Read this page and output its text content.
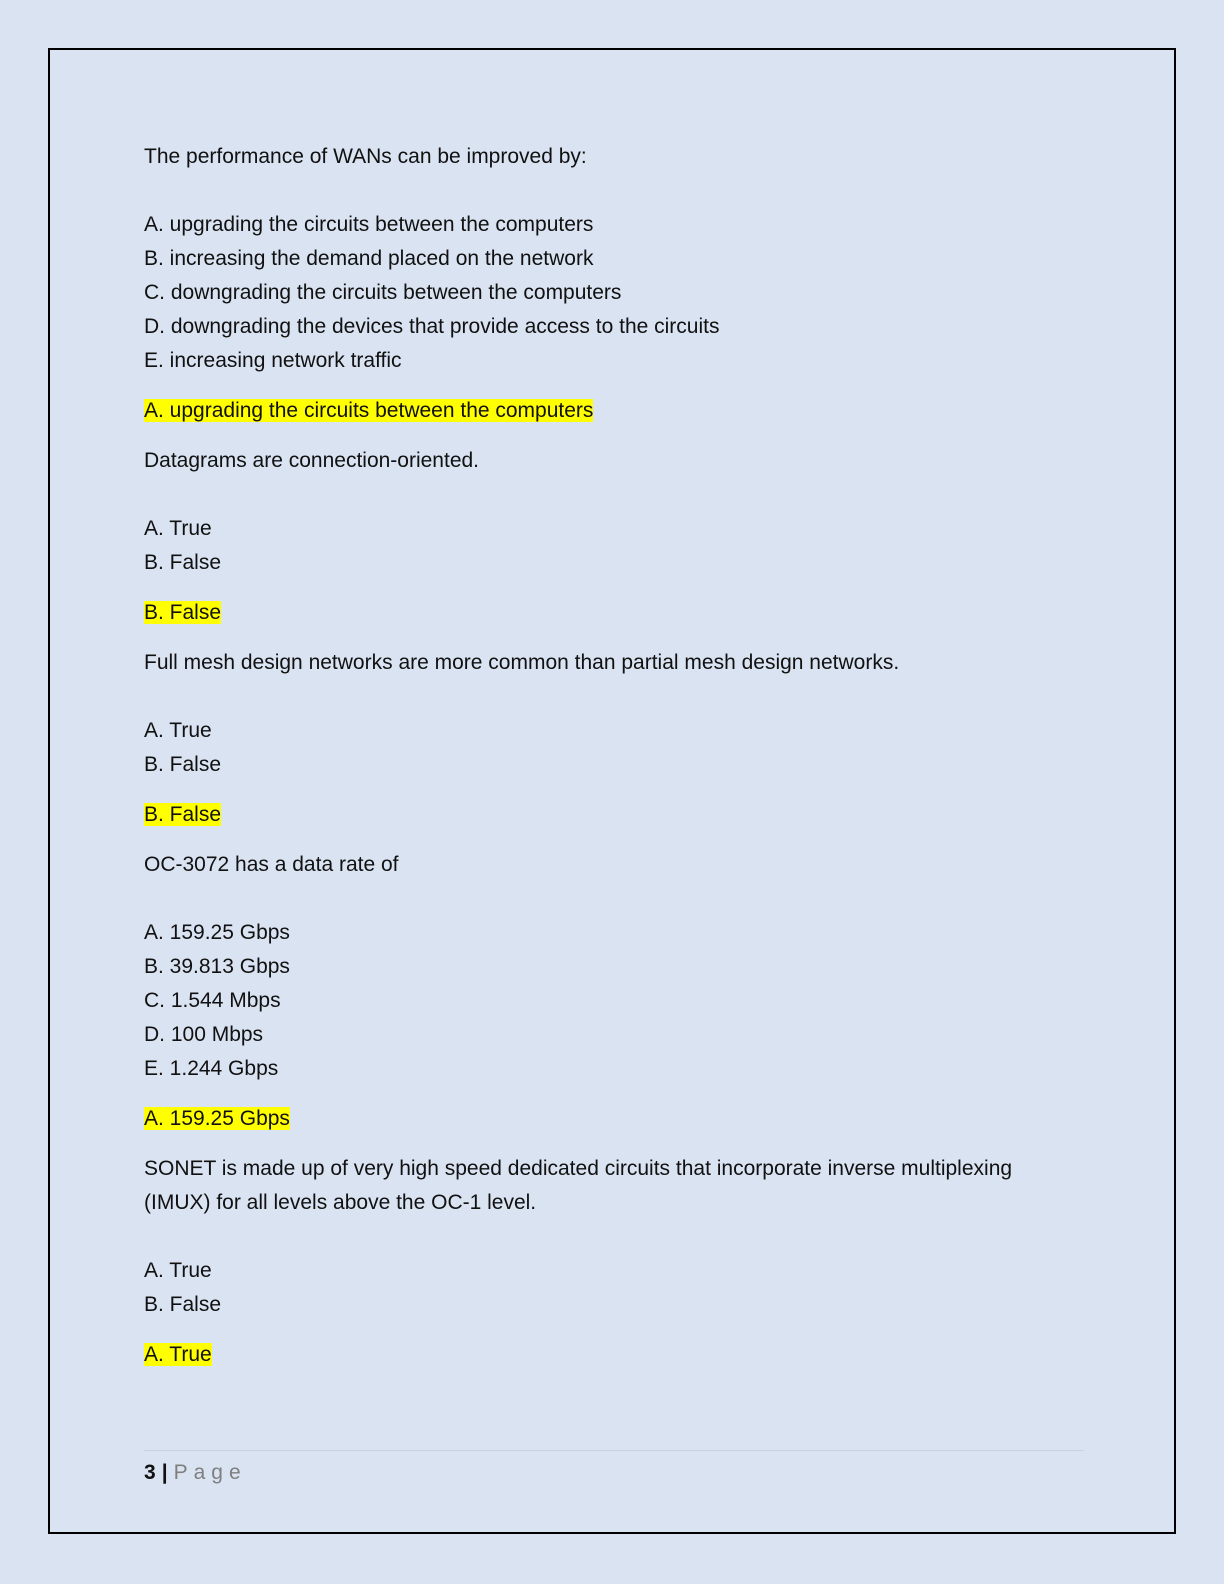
The performance of WANs can be improved by:

A. upgrading the circuits between the computers
B. increasing the demand placed on the network
C. downgrading the circuits between the computers
D. downgrading the devices that provide access to the circuits
E. increasing network traffic

A. upgrading the circuits between the computers

Datagrams are connection-oriented.

A. True
B. False

B. False

Full mesh design networks are more common than partial mesh design networks.

A. True
B. False

B. False

OC-3072 has a data rate of

A. 159.25 Gbps
B. 39.813 Gbps
C. 1.544 Mbps
D. 100 Mbps
E. 1.244 Gbps

A. 159.25 Gbps

SONET is made up of very high speed dedicated circuits that incorporate inverse multiplexing (IMUX) for all levels above the OC-1 level.

A. True
B. False

A. True

3 | Page
